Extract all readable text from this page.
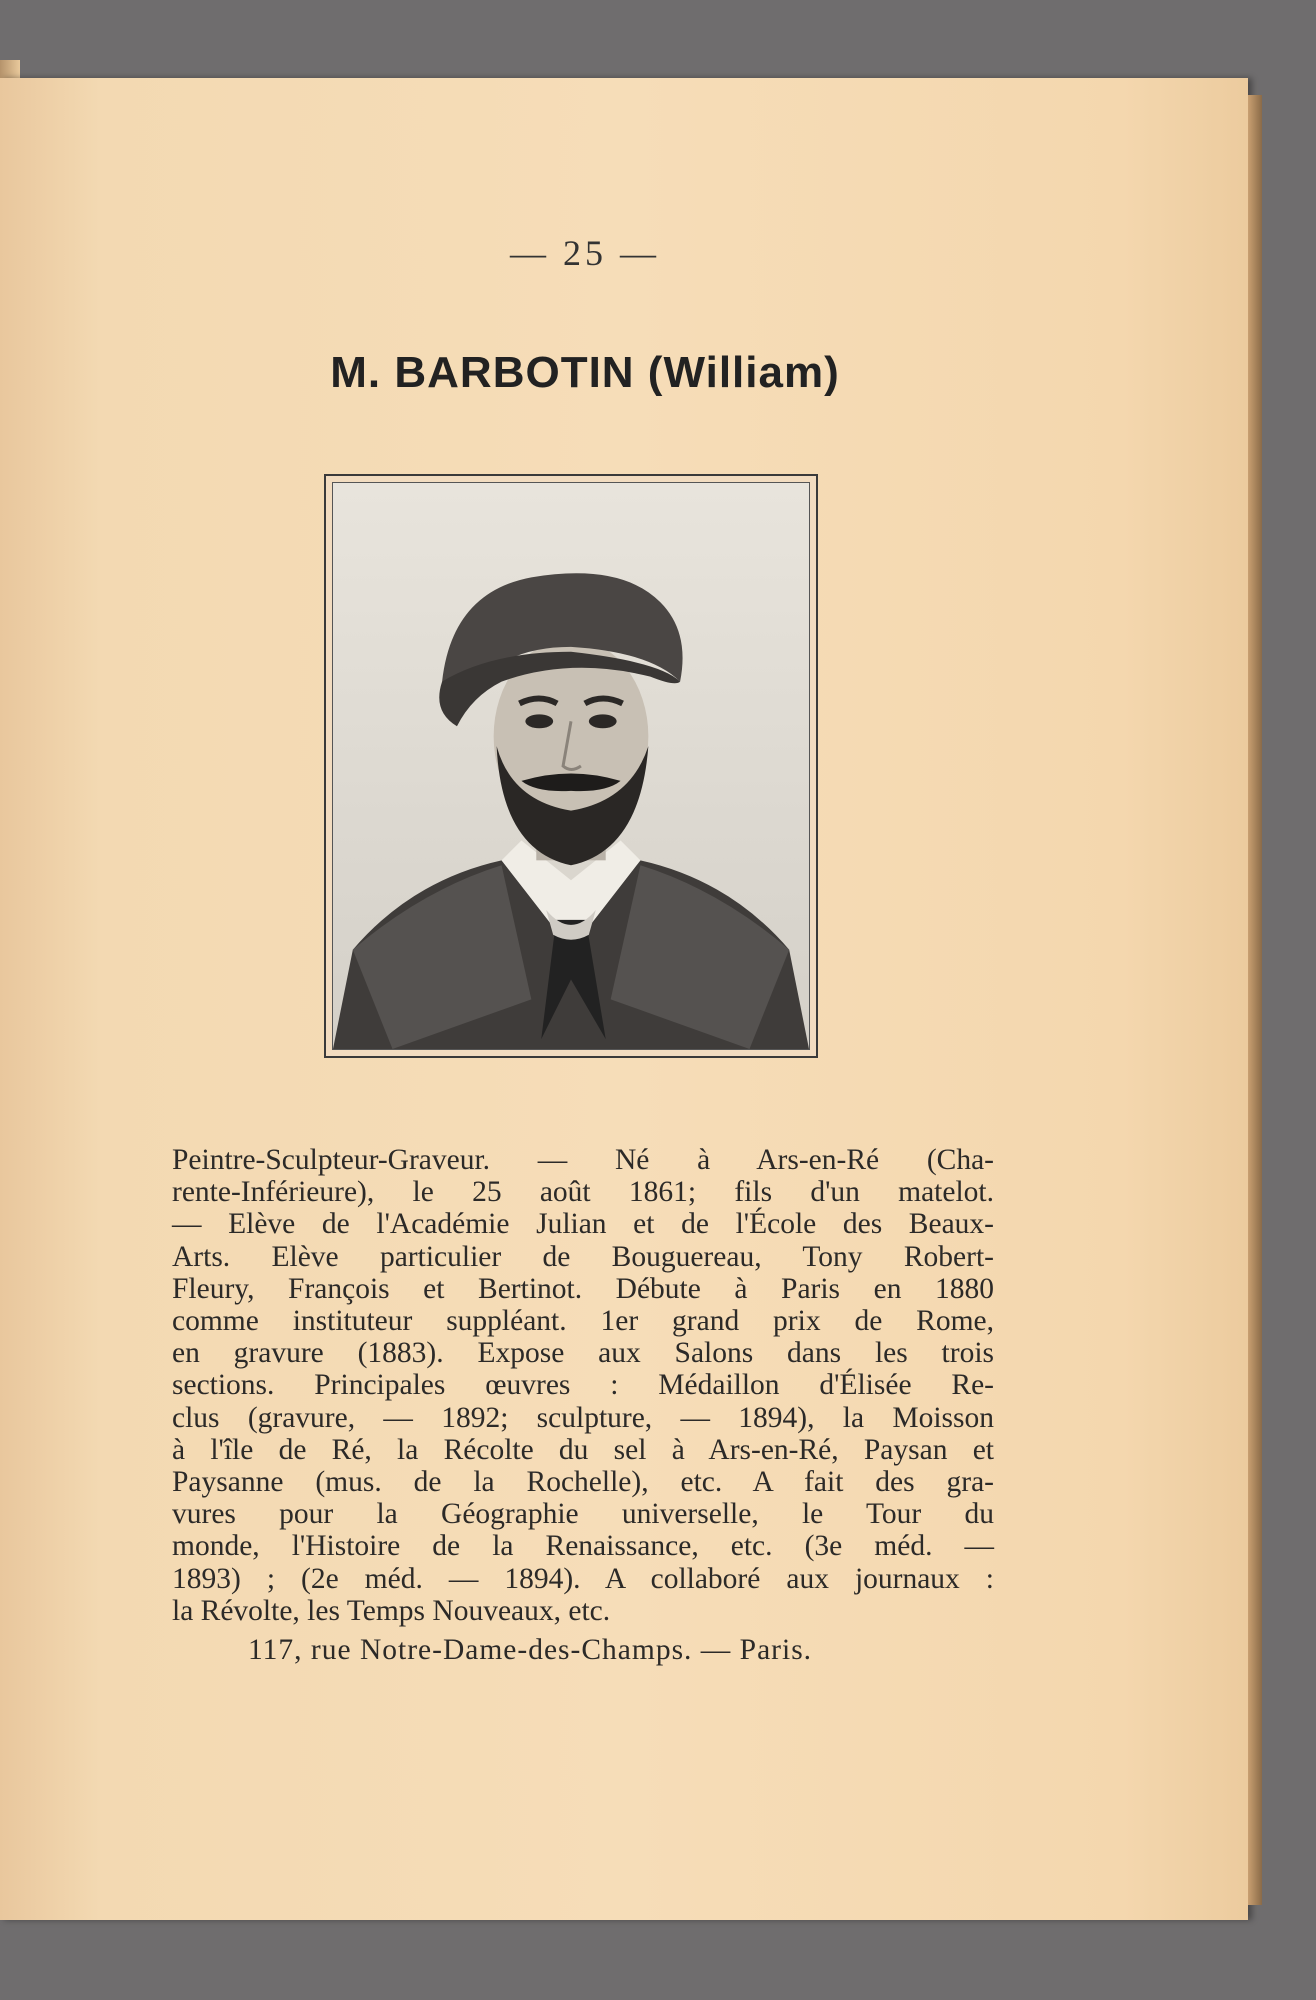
— 25 —
M. BARBOTIN (William)
Peintre-Sculpteur-Graveur. — Né à Ars-en-Ré (Cha-
rente-Inférieure), le 25 août 1861; fils d'un matelot.
— Elève de l'Académie Julian et de l'École des Beaux-
Arts. Elève particulier de Bouguereau, Tony Robert-
Fleury, François et Bertinot. Débute à Paris en 1880
comme instituteur suppléant. 1er grand prix de Rome,
en gravure (1883). Expose aux Salons dans les trois
sections. Principales œuvres : Médaillon d'Élisée Re-
clus (gravure, — 1892; sculpture, — 1894), la Moisson
à l'île de Ré, la Récolte du sel à Ars-en-Ré, Paysan et
Paysanne (mus. de la Rochelle), etc. A fait des gra-
vures pour la Géographie universelle, le Tour du
monde, l'Histoire de la Renaissance, etc. (3e méd. —
1893) ; (2e méd. — 1894). A collaboré aux journaux :
la Révolte, les Temps Nouveaux, etc.
117, rue Notre-Dame-des-Champs. — Paris.
